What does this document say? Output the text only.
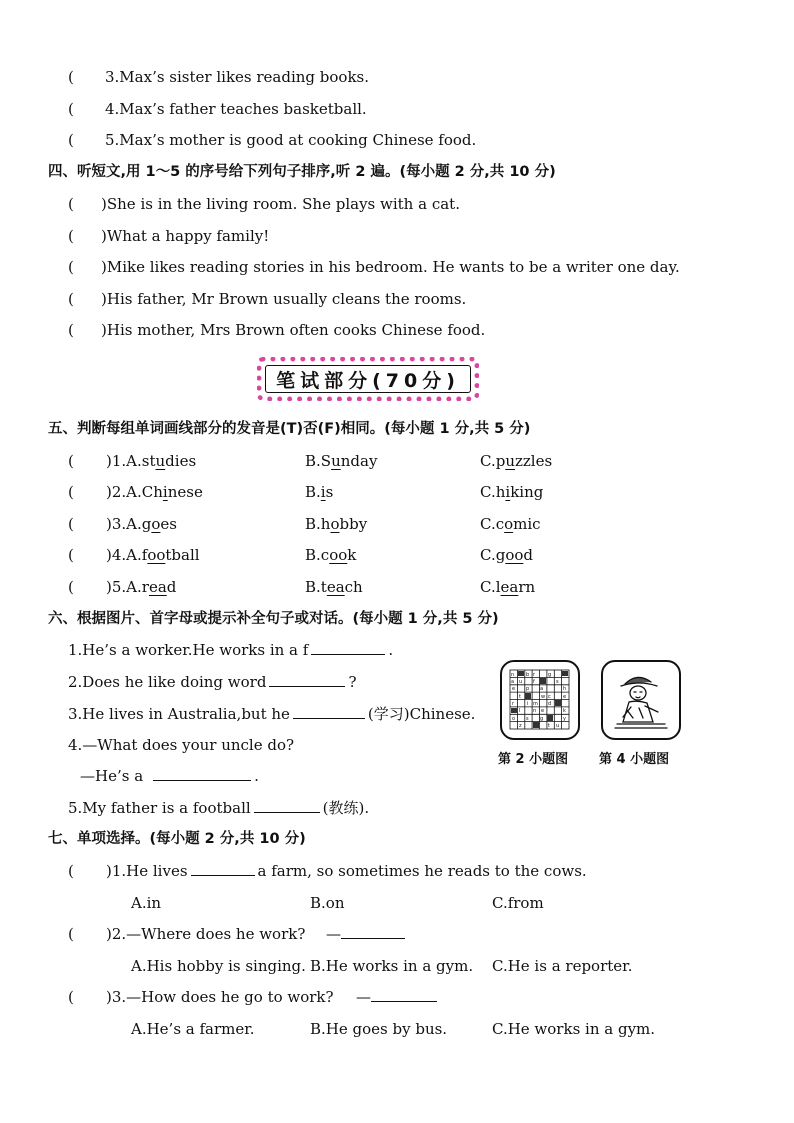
( 3.Max’s sister likes reading books.
( 4.Max’s father teaches basketball.
( 5.Max’s mother is good at cooking Chinese food.
四、听短文,用 1～5 的序号给下列句子排序,听 2 遍。(每小题 2 分,共 10 分)
( )She is in the living room. She plays with a cat.
( )What a happy family!
( )Mike likes reading stories in his bedroom. He wants to be a writer one day.
( )His father, Mr Brown usually cleans the rooms.
( )His mother, Mrs Brown often cooks Chinese food.
笔试部分(70分)
五、判断每组单词画线部分的发音是(T)否(F)相同。(每小题 1 分,共 5 分)
( )1.A.studies	B.Sunday	C.puzzles
( )2.A.Chinese	B.is	C.hiking
( )3.A.goes	B.hobby	C.comic
( )4.A.football	B.cook	C.good
( )5.A.read	B.teach	C.learn
六、根据图片、首字母或提示补全句子或对话。(每小题 1 分,共 5 分)
1.He’s a worker.He works in a f	.
2.Does he like doing word	?
3.He lives in Australia,but he	(学习)Chinese.
4.—What does your uncle do?
—He’s a	.
5.My father is a football	(教练).
n b r	g
a u f	s
e p a	h
t	w c e
r	i m d
l	n e	k
o s g	y
z	t u
第 2 小题图 第 4 小题图
七、单项选择。(每小题 2 分,共 10 分)
( )1.He lives	a farm, so sometimes he reads to the cows.
A.in	B.on	C.from
( )2.—Where does he work? —
A.His hobby is singing. B.He works in a gym. C.He is a reporter.
( )3.—How does he go to work? —
A.He’s a farmer.	B.He goes by bus.	C.He works in a gym.
